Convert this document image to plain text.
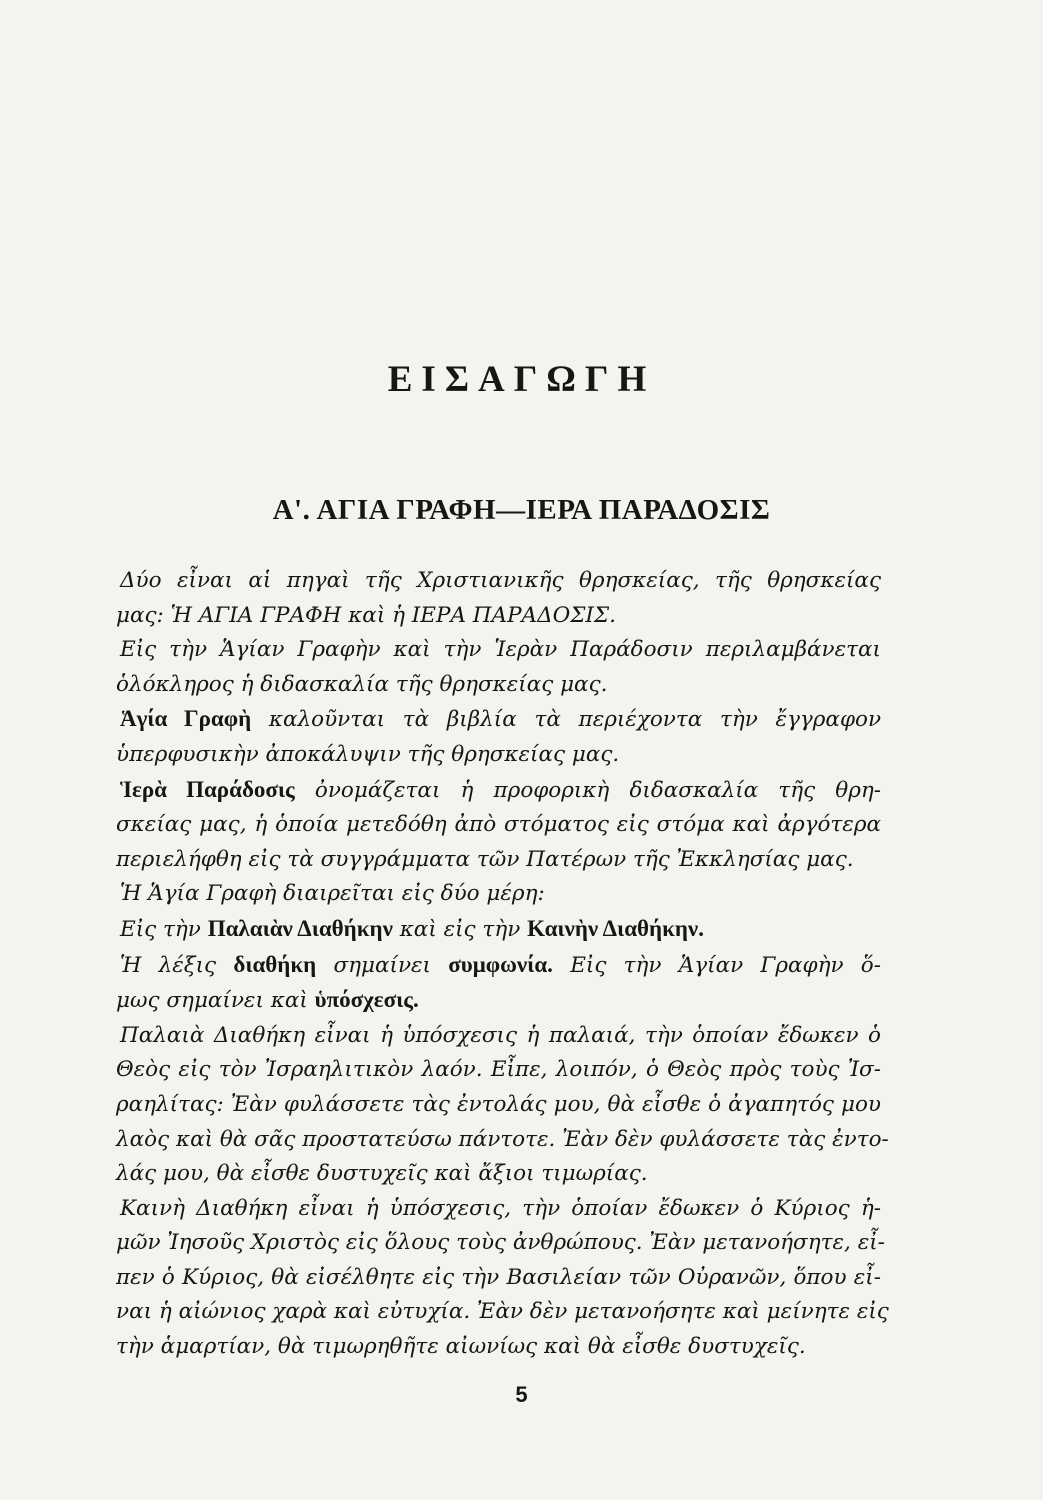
ΕΙΣΑΓΩΓΗ
Α'. ΑΓΙΑ ΓΡΑΦΗ—ΙΕΡΑ ΠΑΡΑΔΟΣΙΣ
Δύο εἶναι αἱ πηγαὶ τῆς Χριστιανικῆς θρησκείας, τῆς θρησκείας
μας: Ἡ ΑΓΙΑ ΓΡΑΦΗ καὶ ἡ ΙΕΡΑ ΠΑΡΑΔΟΣΙΣ.
Εἰς τὴν Ἁγίαν Γραφὴν καὶ τὴν Ἱερὰν Παράδοσιν περιλαμβάνεται
ὁλόκληρος ἡ διδασκαλία τῆς θρησκείας μας.
Ἁγία Γραφὴ καλοῦνται τὰ βιβλία τὰ περιέχοντα τὴν ἔγγραφον
ὑπερφυσικὴν ἀποκάλυψιν τῆς θρησκείας μας.
Ἱερὰ Παράδοσις ὀνομάζεται ἡ προφορικὴ διδασκαλία τῆς θρη-
σκείας μας, ἡ ὁποία μετεδόθη ἀπὸ στόματος εἰς στόμα καὶ ἀργότερα
περιελήφθη εἰς τὰ συγγράμματα τῶν Πατέρων τῆς Ἐκκλησίας μας.
Ἡ Ἁγία Γραφὴ διαιρεῖται εἰς δύο μέρη:
Εἰς τὴν Παλαιὰν Διαθήκην καὶ εἰς τὴν Καινὴν Διαθήκην.
Ἡ λέξις διαθήκη σημαίνει συμφωνία. Εἰς τὴν Ἁγίαν Γραφὴν ὅ-
μως σημαίνει καὶ ὑπόσχεσις.
Παλαιὰ Διαθήκη εἶναι ἡ ὑπόσχεσις ἡ παλαιά, τὴν ὁποίαν ἔδωκεν ὁ
Θεὸς εἰς τὸν Ἰσραηλιτικὸν λαόν. Εἶπε, λοιπόν, ὁ Θεὸς πρὸς τοὺς Ἰσ-
ραηλίτας: Ἐὰν φυλάσσετε τὰς ἐντολάς μου, θὰ εἶσθε ὁ ἀγαπητός μου
λαὸς καὶ θὰ σᾶς προστατεύσω πάντοτε. Ἐὰν δὲν φυλάσσετε τὰς ἐντο-
λάς μου, θὰ εἶσθε δυστυχεῖς καὶ ἄξιοι τιμωρίας.
Καινὴ Διαθήκη εἶναι ἡ ὑπόσχεσις, τὴν ὁποίαν ἔδωκεν ὁ Κύριος ἡ-
μῶν Ἰησοῦς Χριστὸς εἰς ὅλους τοὺς ἀνθρώπους. Ἐὰν μετανοήσητε, εἶ-
πεν ὁ Κύριος, θὰ εἰσέλθητε εἰς τὴν Βασιλείαν τῶν Οὐρανῶν, ὅπου εἶ-
ναι ἡ αἰώνιος χαρὰ καὶ εὐτυχία. Ἐὰν δὲν μετανοήσητε καὶ μείνητε εἰς
τὴν ἁμαρτίαν, θὰ τιμωρηθῆτε αἰωνίως καὶ θὰ εἶσθε δυστυχεῖς.
5
